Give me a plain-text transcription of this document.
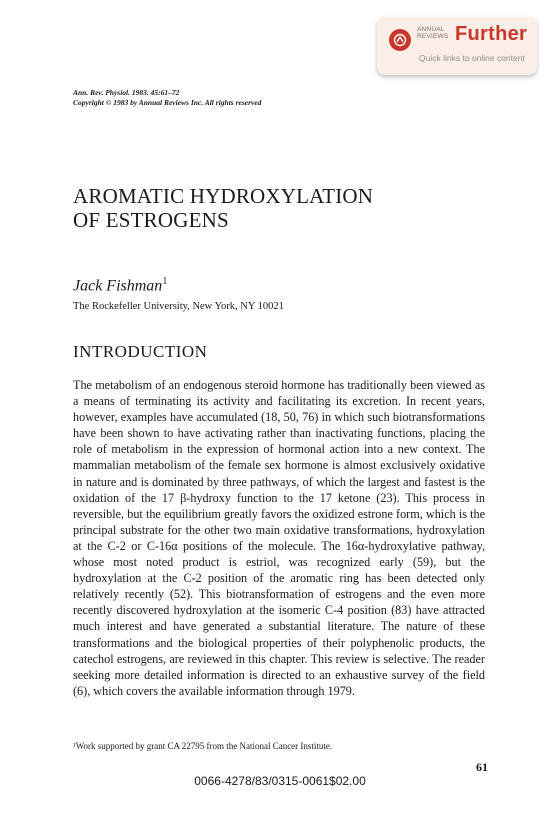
ANNUAL
REVIEWS Further
Quick links to online content
Ann. Rev. Physiol. 1983. 45:61–72
Copyright © 1983 by Annual Reviews Inc. All rights reserved
AROMATIC HYDROXYLATION
OF ESTROGENS
Jack Fishman$^1$
The Rockefeller University, New York, NY 10021
INTRODUCTION
The metabolism of an endogenous steroid hormone has traditionally been viewed as a means of terminating its activity and facilitating its excretion. In recent years, however, examples have accumulated (18, 50, 76) in which such biotransformations have been shown to have activating rather than inactivating functions, placing the role of metabolism in the expression of hormonal action into a new context. The mammalian metabolism of the female sex hormone is almost exclusively oxidative in nature and is dominated by three pathways, of which the largest and fastest is the oxidation of the 17 β-hydroxy function to the 17 ketone (23). This process in reversible, but the equilibrium greatly favors the oxidized estrone form, which is the principal substrate for the other two main oxidative transformations, hydroxylation at the C-2 or C-16α positions of the molecule. The 16α-hydroxylative pathway, whose most noted product is estriol, was recognized early (59), but the hydroxylation at the C-2 position of the aromatic ring has been detected only relatively recently (52). This biotransformation of estrogens and the even more recently discovered hydroxylation at the isomeric C-4 position (83) have attracted much interest and have generated a substantial literature. The nature of these transformations and the biological properties of their polyphenolic products, the catechol estrogens, are reviewed in this chapter. This review is selective. The reader seeking more detailed information is directed to an exhaustive survey of the field (6), which covers the available information through 1979.
¹Work supported by grant CA 22795 from the National Cancer Institute.
61
0066-4278/83/0315-0061$02.00
